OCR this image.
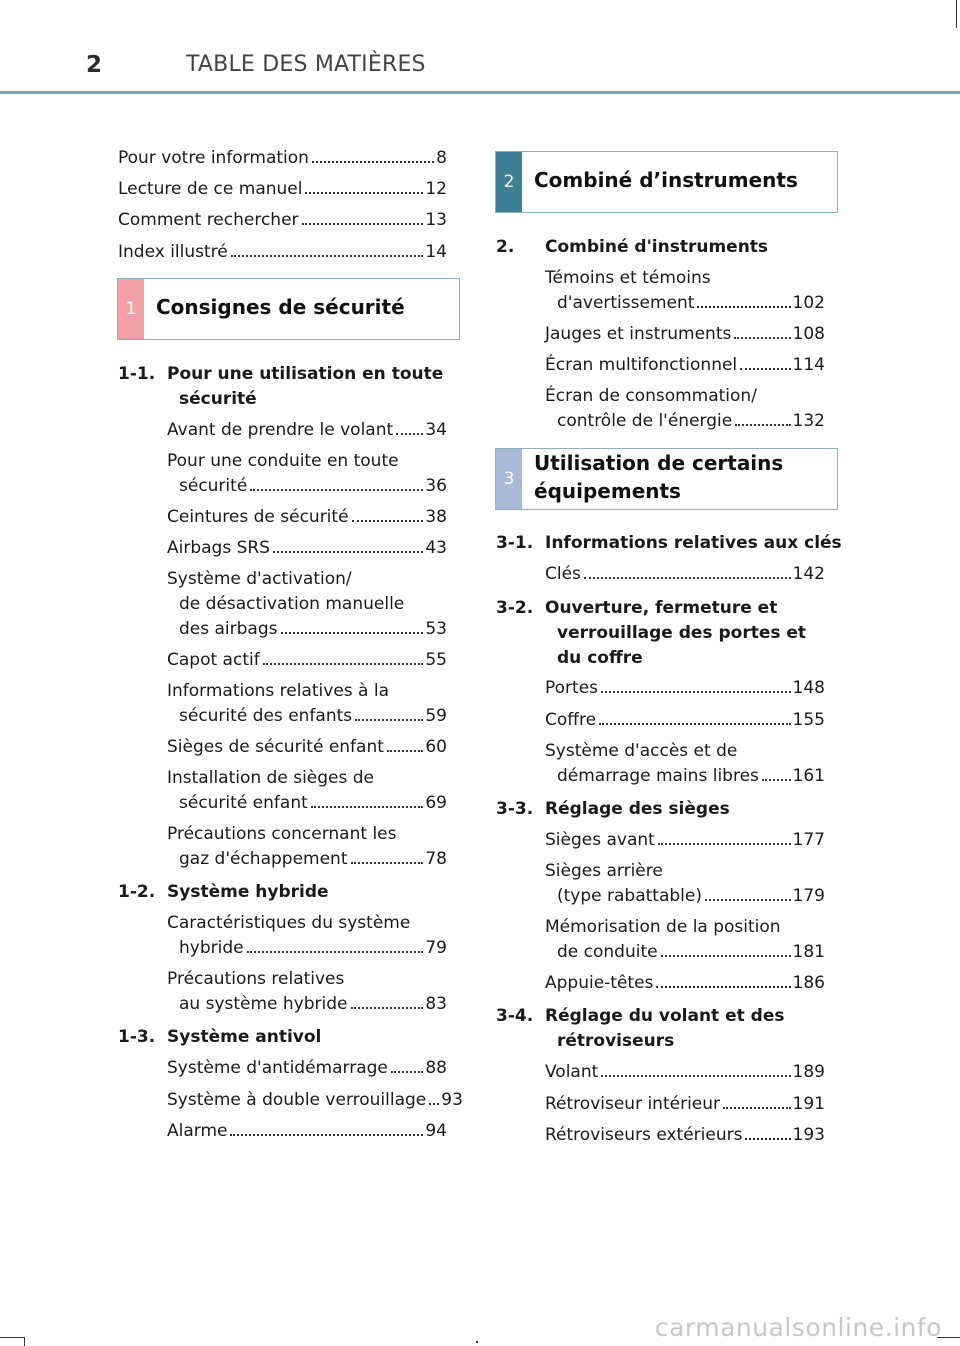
2	TABLE DES MATIÈRES
Pour votre information	8
Lecture de ce manuel	12
Comment rechercher	13
Index illustré	14
1 Consignes de sécurité
1-1. Pour une utilisation en toute
sécurité
Avant de prendre le volant 34
Pour une conduite en toute
sécurité	36
Ceintures de sécurité	38
Airbags SRS	43
Système d'activation/
de désactivation manuelle
des airbags	53
Capot actif	55
Informations relatives à la
sécurité des enfants	59
Sièges de sécurité enfant 60
Installation de sièges de
sécurité enfant	69
Précautions concernant les
gaz d'échappement	78
1-2. Système hybride
Caractéristiques du système
hybride	79
Précautions relatives
au système hybride	83
1-3. Système antivol
Système d'antidémarrage 88
Système à double verrouillage 93
Alarme	94
2 Combiné d’instruments
2. Combiné d'instruments
Témoins et témoins
d'avertissement	102
Jauges et instruments	108
Écran multifonctionnel	114
Écran de consommation/
contrôle de l'énergie	132
3
Utilisation de certains
équipements
3-1. Informations relatives aux clés
Clés	142
3-2. Ouverture, fermeture et
verrouillage des portes et
du coffre
Portes	148
Coffre	155
Système d'accès et de
démarrage mains libres 161
3-3. Réglage des sièges
Sièges avant	177
Sièges arrière
(type rabattable)	179
Mémorisation de la position
de conduite	181
Appuie-têtes	186
3-4. Réglage du volant et des
rétroviseurs
Volant	189
Rétroviseur intérieur	191
Rétroviseurs extérieurs	193
carmanualsonline.info
